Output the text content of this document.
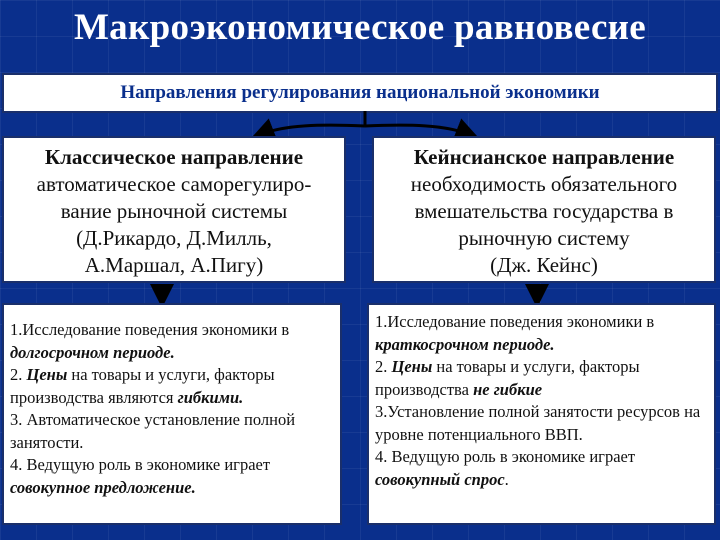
Макроэкономическое равновесие
Направления регулирования национальной экономики
Классическое направление
автоматическое саморегулиро-
вание рыночной системы
(Д.Рикардо, Д.Милль,
А.Маршал, А.Пигу)
Кейнсианское направление
необходимость обязательного
вмешательства государства в
рыночную систему
(Дж. Кейнс)
1.Исследование поведения экономики в долгосрочном периоде.
2. Цены на товары и услуги, факторы производства являются гибкими.
3. Автоматическое установление полной занятости.
4. Ведущую роль в экономике играет совокупное предложение.
1.Исследование поведения экономики в краткосрочном периоде.
2. Цены на товары и услуги, факторы производства не гибкие
3.Установление полной занятости ресурсов на уровне потенциального ВВП.
4. Ведущую роль в экономике играет совокупный спрос.
